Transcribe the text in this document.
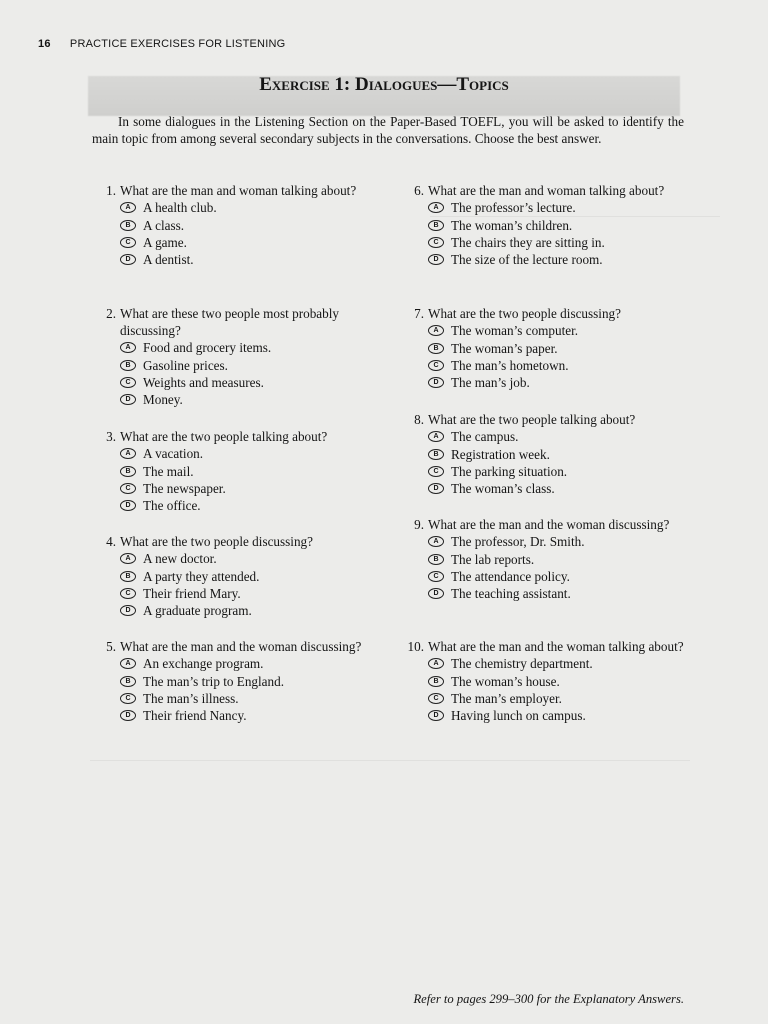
16 PRACTICE EXERCISES FOR LISTENING
Exercise 1: Dialogues—Topics
In some dialogues in the Listening Section on the Paper-Based TOEFL, you will be asked to identify the main topic from among several secondary subjects in the conversations. Choose the best answer.
1. What are the man and woman talking about?
A A health club.
B A class.
C A game.
D A dentist.
2. What are these two people most probably discussing?
A Food and grocery items.
B Gasoline prices.
C Weights and measures.
D Money.
3. What are the two people talking about?
A A vacation.
B The mail.
C The newspaper.
D The office.
4. What are the two people discussing?
A A new doctor.
B A party they attended.
C Their friend Mary.
D A graduate program.
5. What are the man and the woman discussing?
A An exchange program.
B The man’s trip to England.
C The man’s illness.
D Their friend Nancy.
6. What are the man and woman talking about?
A The professor’s lecture.
B The woman’s children.
C The chairs they are sitting in.
D The size of the lecture room.
7. What are the two people discussing?
A The woman’s computer.
B The woman’s paper.
C The man’s hometown.
D The man’s job.
8. What are the two people talking about?
A The campus.
B Registration week.
C The parking situation.
D The woman’s class.
9. What are the man and the woman discussing?
A The professor, Dr. Smith.
B The lab reports.
C The attendance policy.
D The teaching assistant.
10. What are the man and the woman talking about?
A The chemistry department.
B The woman’s house.
C The man’s employer.
D Having lunch on campus.
Refer to pages 299–300 for the Explanatory Answers.
